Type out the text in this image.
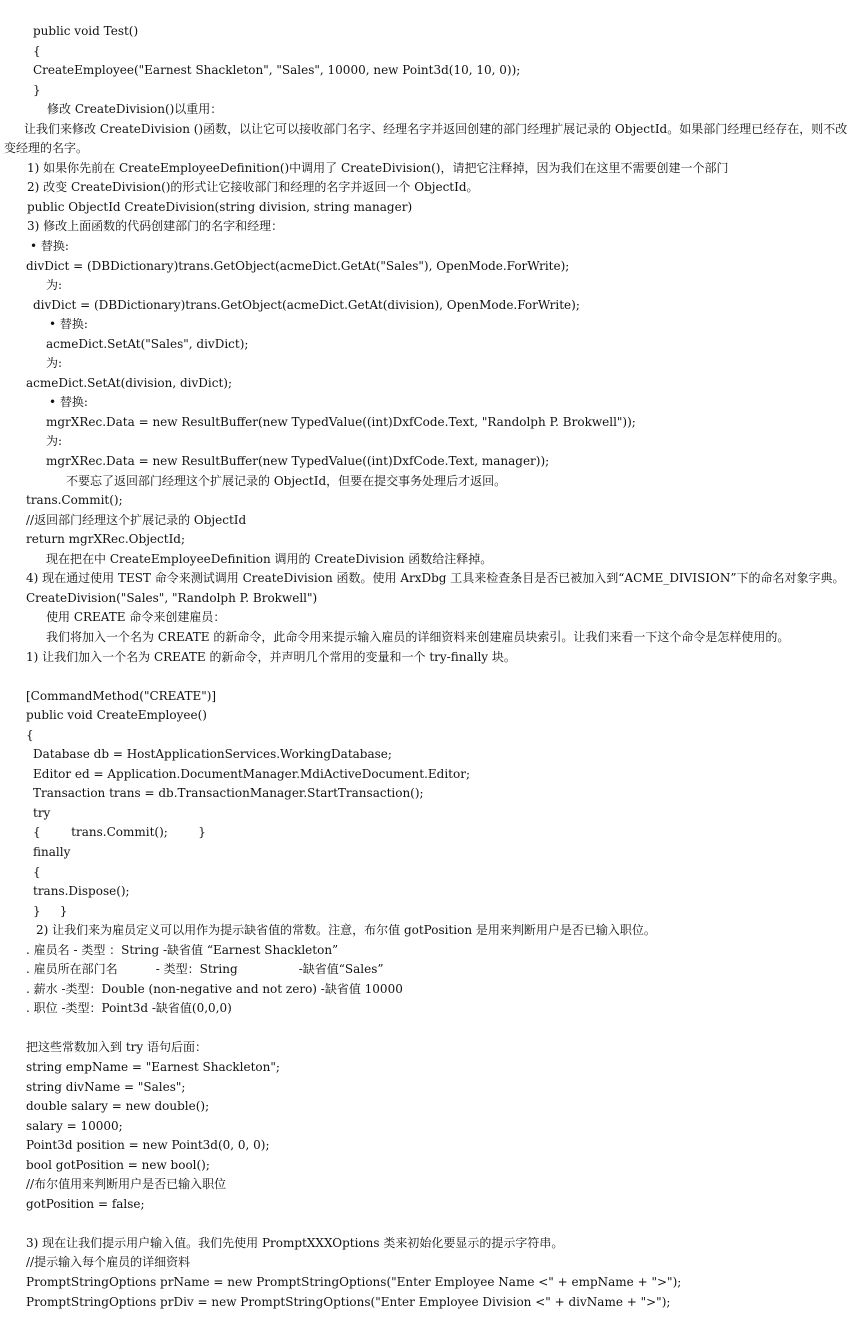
public void Test()
{
CreateEmployee("Earnest Shackleton", "Sales", 10000, new Point3d(10, 10, 0));
}
修改 CreateDivision()以重用：
让我们来修改 CreateDivision ()函数，以让它可以接收部门名字、经理名字并返回创建的部门经理扩展记录的 ObjectId。如果部门经理已经存在，则不改变经理的名字。
1) 如果你先前在 CreateEmployeeDefinition()中调用了 CreateDivision()，请把它注释掉，因为我们在这里不需要创建一个部门
2) 改变 CreateDivision()的形式让它接收部门和经理的名字并返回一个 ObjectId。
public ObjectId CreateDivision(string division, string manager)
3) 修改上面函数的代码创建部门的名字和经理：
• 替换:
divDict = (DBDictionary)trans.GetObject(acmeDict.GetAt("Sales"), OpenMode.ForWrite);
为:
divDict = (DBDictionary)trans.GetObject(acmeDict.GetAt(division), OpenMode.ForWrite);
• 替换:
acmeDict.SetAt("Sales", divDict);
为:
acmeDict.SetAt(division, divDict);
• 替换:
mgrXRec.Data = new ResultBuffer(new TypedValue((int)DxfCode.Text, "Randolph P. Brokwell"));
为:
mgrXRec.Data = new ResultBuffer(new TypedValue((int)DxfCode.Text, manager));
不要忘了返回部门经理这个扩展记录的 ObjectId，但要在提交事务处理后才返回。
trans.Commit();
//返回部门经理这个扩展记录的 ObjectId
return mgrXRec.ObjectId;
现在把在中 CreateEmployeeDefinition 调用的 CreateDivision 函数给注释掉。
4) 现在通过使用 TEST 命令来测试调用 CreateDivision 函数。使用 ArxDbg 工具来检查条目是否已被加入到“ACME_DIVISION”下的命名对象字典。
CreateDivision("Sales", "Randolph P. Brokwell")
使用 CREATE 命令来创建雇员：
我们将加入一个名为 CREATE 的新命令，此命令用来提示输入雇员的详细资料来创建雇员块索引。让我们来看一下这个命令是怎样使用的。
1) 让我们加入一个名为 CREATE 的新命令，并声明几个常用的变量和一个 try-finally 块。
[CommandMethod("CREATE")]
public void CreateEmployee()
{
Database db = HostApplicationServices.WorkingDatabase;
Editor ed = Application.DocumentManager.MdiActiveDocument.Editor;
Transaction trans = db.TransactionManager.StartTransaction();
try
{        trans.Commit();        }
finally
{
trans.Dispose();
}     }
2) 让我们来为雇员定义可以用作为提示缺省值的常数。注意，布尔值 gotPosition 是用来判断用户是否已输入职位。
. 雇员名 - 类型 ：String -缺省值 “Earnest Shackleton”
. 雇员所在部门名          - 类型：String                -缺省值“Sales”
. 薪水 -类型：Double (non-negative and not zero) -缺省值 10000
. 职位 -类型：Point3d -缺省值(0,0,0)
把这些常数加入到 try 语句后面：
string empName = "Earnest Shackleton";
string divName = "Sales";
double salary = new double();
salary = 10000;
Point3d position = new Point3d(0, 0, 0);
bool gotPosition = new bool();
//布尔值用来判断用户是否已输入职位
gotPosition = false;
3) 现在让我们提示用户输入值。我们先使用 PromptXXXOptions 类来初始化要显示的提示字符串。
//提示输入每个雇员的详细资料
PromptStringOptions prName = new PromptStringOptions("Enter Employee Name <" + empName + ">");
PromptStringOptions prDiv = new PromptStringOptions("Enter Employee Division <" + divName + ">");
